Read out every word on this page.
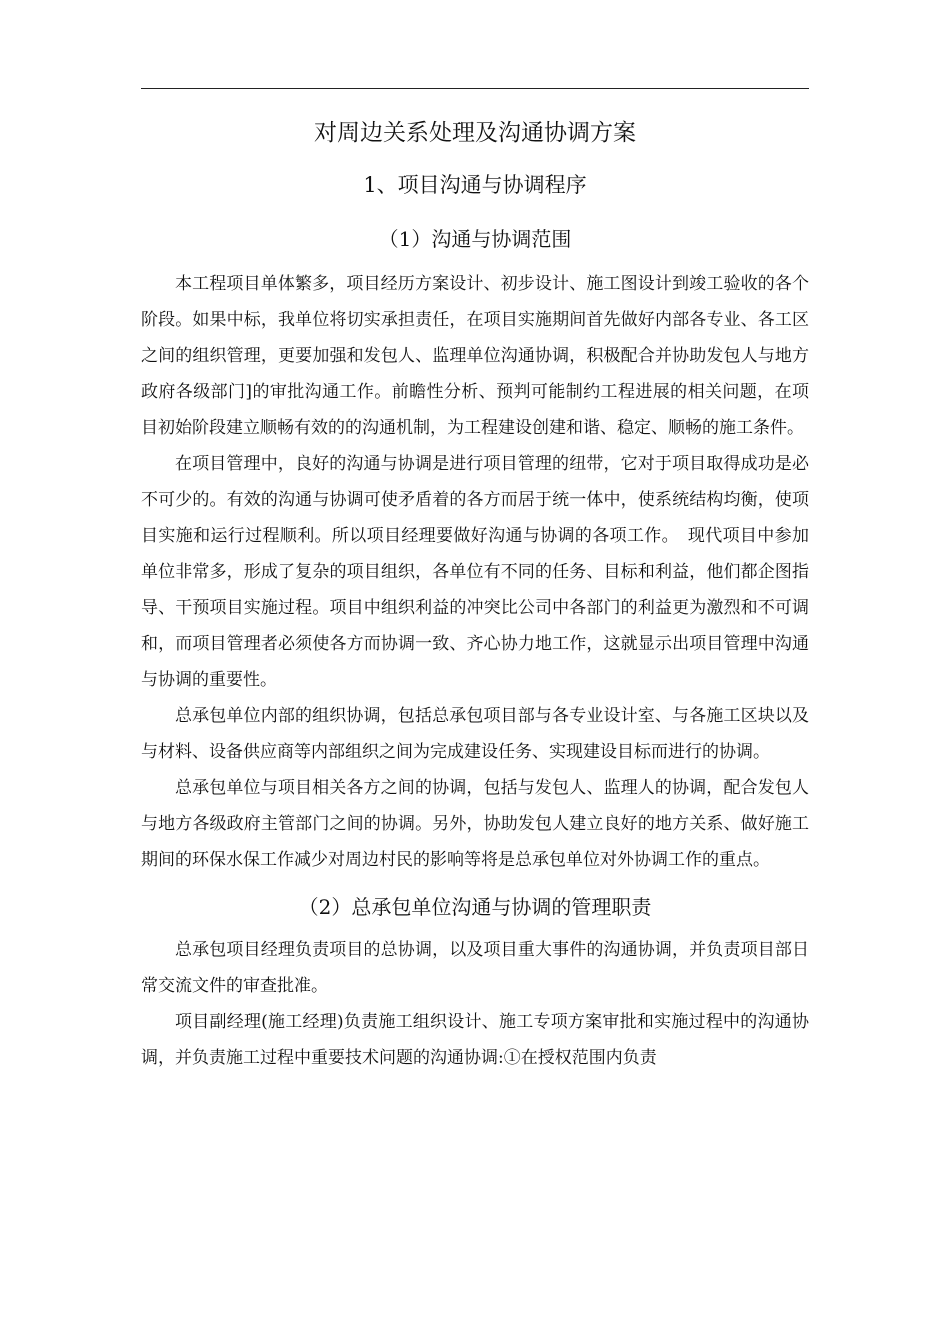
对周边关系处理及沟通协调方案
1、项目沟通与协调程序
（1）沟通与协调范围

本工程项目单体繁多，项目经历方案设计、初步设计、施工图设计到竣工验收的各个阶段。如果中标，我单位将切实承担责任，在项目实施期间首先做好内部各专业、各工区之间的组织管理，更要加强和发包人、监理单位沟通协调，积极配合并协助发包人与地方政府各级部门]的审批沟通工作。前瞻性分析、预判可能制约工程进展的相关问题，在项目初始阶段建立顺畅有效的的沟通机制，为工程建设创建和谐、稳定、顺畅的施工条件。

在项目管理中，良好的沟通与协调是进行项目管理的纽带，它对于项目取得成功是必不可少的。有效的沟通与协调可使矛盾着的各方而居于统一体中，使系统结构均衡，使项目实施和运行过程顺利。所以项目经理要做好沟通与协调的各项工作。　现代项目中参加单位非常多，形成了复杂的项目组织，各单位有不同的任务、目标和利益，他们都企图指导、干预项目实施过程。项目中组织利益的冲突比公司中各部门的利益更为激烈和不可调和，而项目管理者必须使各方而协调一致、齐心协力地工作，这就显示出项目管理中沟通与协调的重要性。

总承包单位内部的组织协调，包括总承包项目部与各专业设计室、与各施工区块以及与材料、设备供应商等内部组织之间为完成建设任务、实现建设目标而进行的协调。

总承包单位与项目相关各方之间的协调，包括与发包人、监理人的协调，配合发包人与地方各级政府主管部门之间的协调。另外，协助发包人建立良好的地方关系、做好施工期间的环保水保工作减少对周边村民的影响等将是总承包单位对外协调工作的重点。

（2）总承包单位沟通与协调的管理职责

总承包项目经理负责项目的总协调，以及项目重大事件的沟通协调，并负责项目部日常交流文件的审查批准。

项目副经理(施工经理)负责施工组织设计、施工专项方案审批和实施过程中的沟通协调，并负责施工过程中重要技术问题的沟通协调:①在授权范围内负责
